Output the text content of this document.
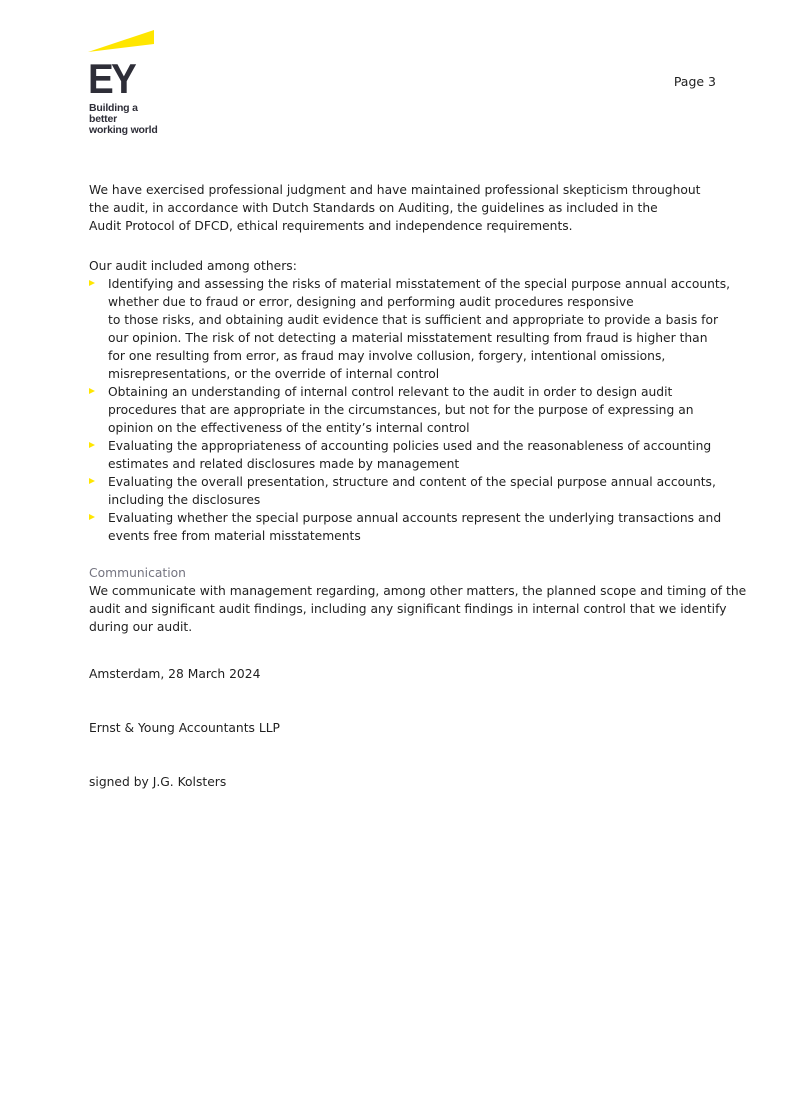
EY
Building a better
working world
Page 3

We have exercised professional judgment and have maintained professional skepticism throughout
the audit, in accordance with Dutch Standards on Auditing, the guidelines as included in the
Audit Protocol of DFCD, ethical requirements and independence requirements.

Our audit included among others:
Identifying and assessing the risks of material misstatement of the special purpose annual accounts,
whether due to fraud or error, designing and performing audit procedures responsive
to those risks, and obtaining audit evidence that is sufficient and appropriate to provide a basis for
our opinion. The risk of not detecting a material misstatement resulting from fraud is higher than
for one resulting from error, as fraud may involve collusion, forgery, intentional omissions,
misrepresentations, or the override of internal control
Obtaining an understanding of internal control relevant to the audit in order to design audit
procedures that are appropriate in the circumstances, but not for the purpose of expressing an
opinion on the effectiveness of the entity’s internal control
Evaluating the appropriateness of accounting policies used and the reasonableness of accounting
estimates and related disclosures made by management
Evaluating the overall presentation, structure and content of the special purpose annual accounts,
including the disclosures
Evaluating whether the special purpose annual accounts represent the underlying transactions and
events free from material misstatements
Communication

We communicate with management regarding, among other matters, the planned scope and timing of the
audit and significant audit findings, including any significant findings in internal control that we identify
during our audit.

Amsterdam, 28 March 2024
Ernst & Young Accountants LLP
signed by J.G. Kolsters
